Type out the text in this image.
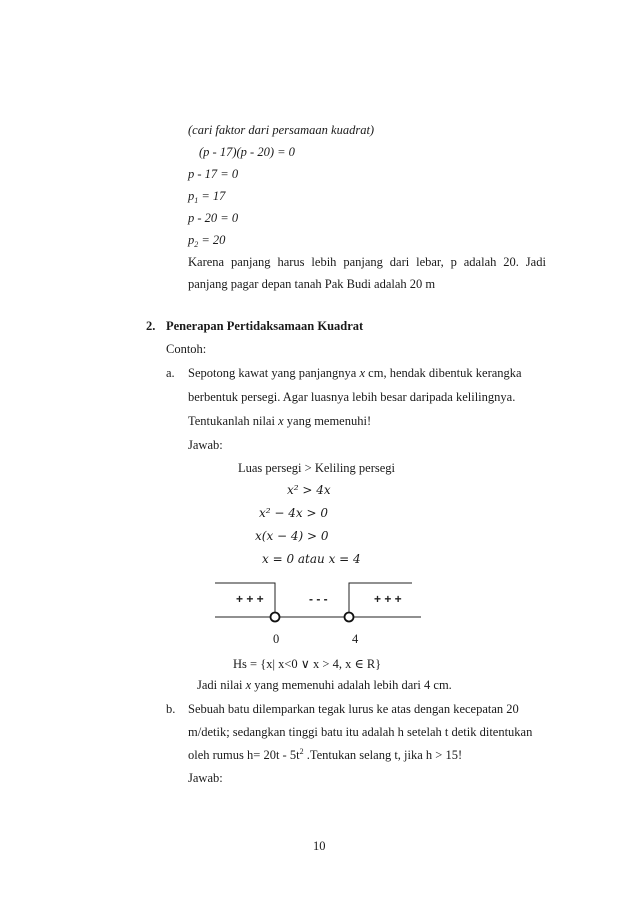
(cari faktor dari persamaan kuadrat)
(p - 17)(p - 20) = 0
p - 17 = 0
$p_1 = 17$
p - 20 = 0
$p_2 = 20$
Karena panjang harus lebih panjang dari lebar, p adalah 20. Jadi
panjang pagar depan tanah Pak Budi adalah 20 m
2. Penerapan Pertidaksamaan Kuadrat
Contoh:
a. Sepotong kawat yang panjangnya x cm, hendak dibentuk kerangka
berbentuk persegi. Agar luasnya lebih besar daripada kelilingnya.
Tentukanlah nilai x yang memenuhi!
Jawab:
Luas persegi > Keliling persegi
x² > 4x
x² − 4x > 0
x(x − 4) > 0
x = 0 atau x = 4
+ + +	- - -	+ + +
0	4
Hs = {x| x<0 ∨ x > 4, x ∈ R}
Jadi nilai x yang memenuhi adalah lebih dari 4 cm.
b. Sebuah batu dilemparkan tegak lurus ke atas dengan kecepatan 20
m/detik; sedangkan tinggi batu itu adalah h setelah t detik ditentukan
oleh rumus $h= 20t - 5t^2$ .Tentukan selang t, jika h > 15!
Jawab:
10
